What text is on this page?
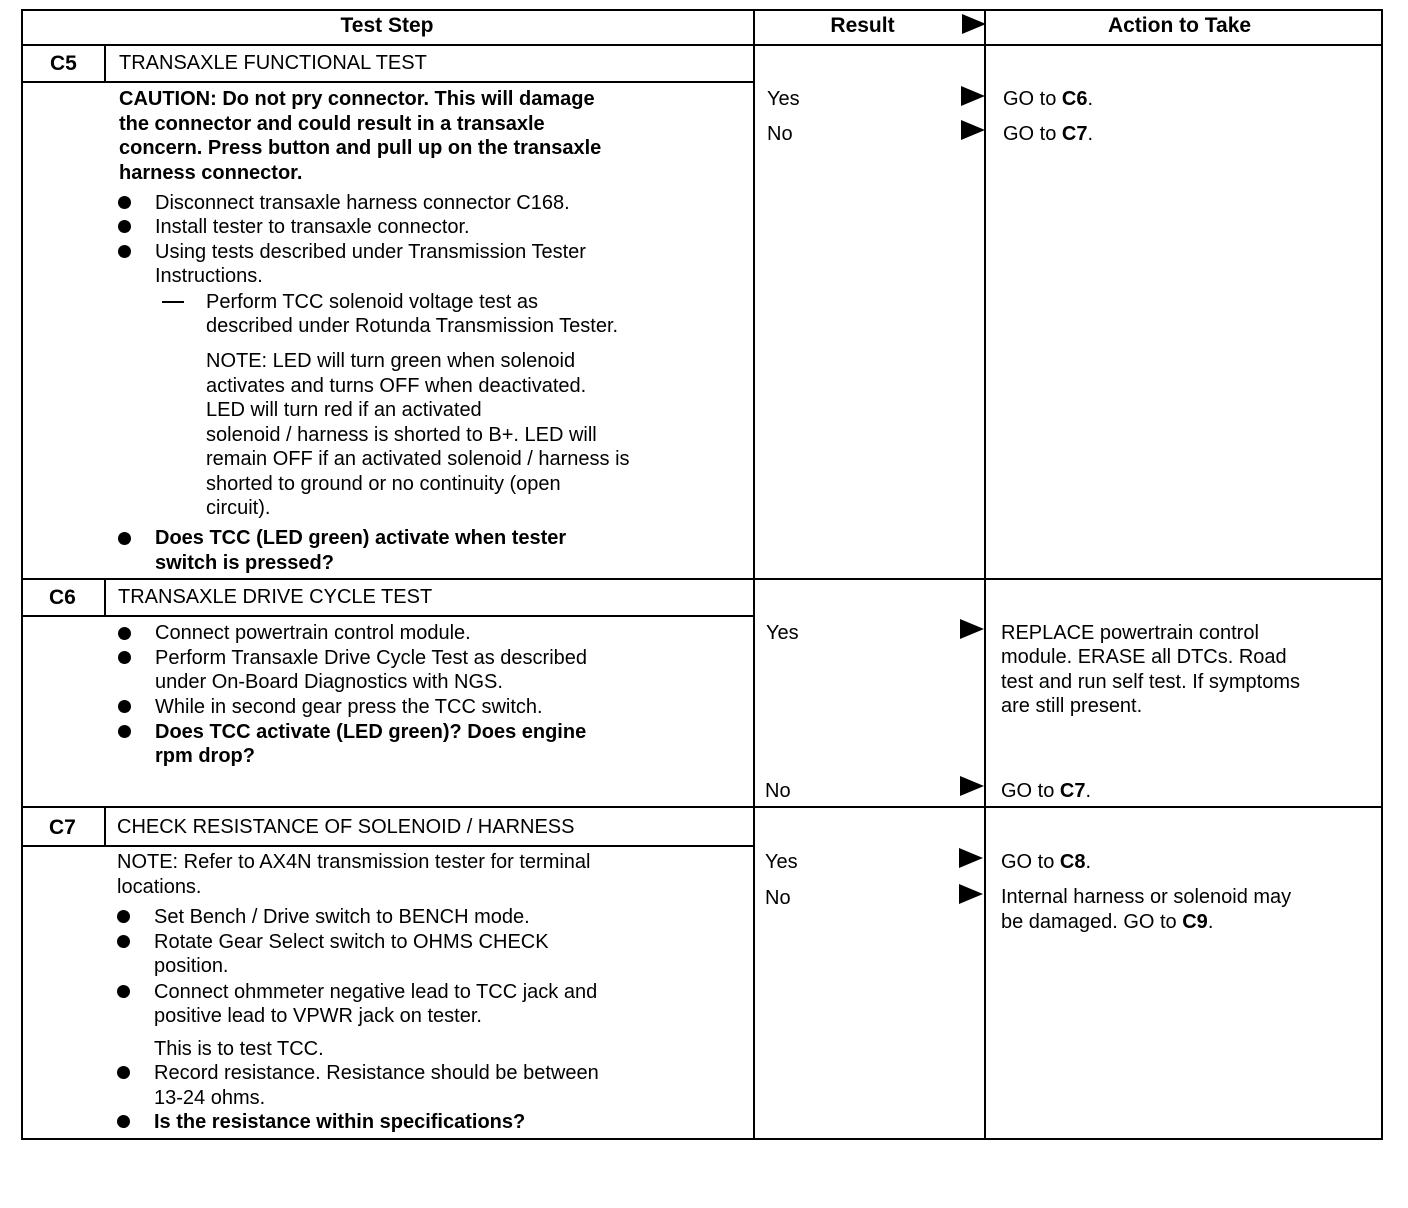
Test Step	Result	Action to Take
C5 TRANSAXLE FUNCTIONAL TEST
CAUTION: Do not pry connector. This will damage
the connector and could result in a transaxle
concern. Press button and pull up on the transaxle
harness connector.
Disconnect transaxle harness connector C168.
Install tester to transaxle connector.
Using tests described under Transmission Tester
Instructions.
Perform TCC solenoid voltage test as
described under Rotunda Transmission Tester.
NOTE: LED will turn green when solenoid
activates and turns OFF when deactivated.
LED will turn red if an activated
solenoid / harness is shorted to B+. LED will
remain OFF if an activated solenoid / harness is
shorted to ground or no continuity (open
circuit).
Does TCC (LED green) activate when tester
switch is pressed?
Yes
No
GO to C6.
GO to C7.
C6 TRANSAXLE DRIVE CYCLE TEST
Connect powertrain control module.
Perform Transaxle Drive Cycle Test as described
under On-Board Diagnostics with NGS.
While in second gear press the TCC switch.
Does TCC activate (LED green)? Does engine
rpm drop?
Yes
No
REPLACE powertrain control
module. ERASE all DTCs. Road
test and run self test. If symptoms
are still present.
GO to C7.
C7 CHECK RESISTANCE OF SOLENOID / HARNESS
NOTE: Refer to AX4N transmission tester for terminal
locations.
Set Bench / Drive switch to BENCH mode.
Rotate Gear Select switch to OHMS CHECK
position.
Connect ohmmeter negative lead to TCC jack and
positive lead to VPWR jack on tester.
This is to test TCC.
Record resistance. Resistance should be between
13-24 ohms.
Is the resistance within specifications?
Yes
No
GO to C8.
Internal harness or solenoid may
be damaged. GO to C9.
